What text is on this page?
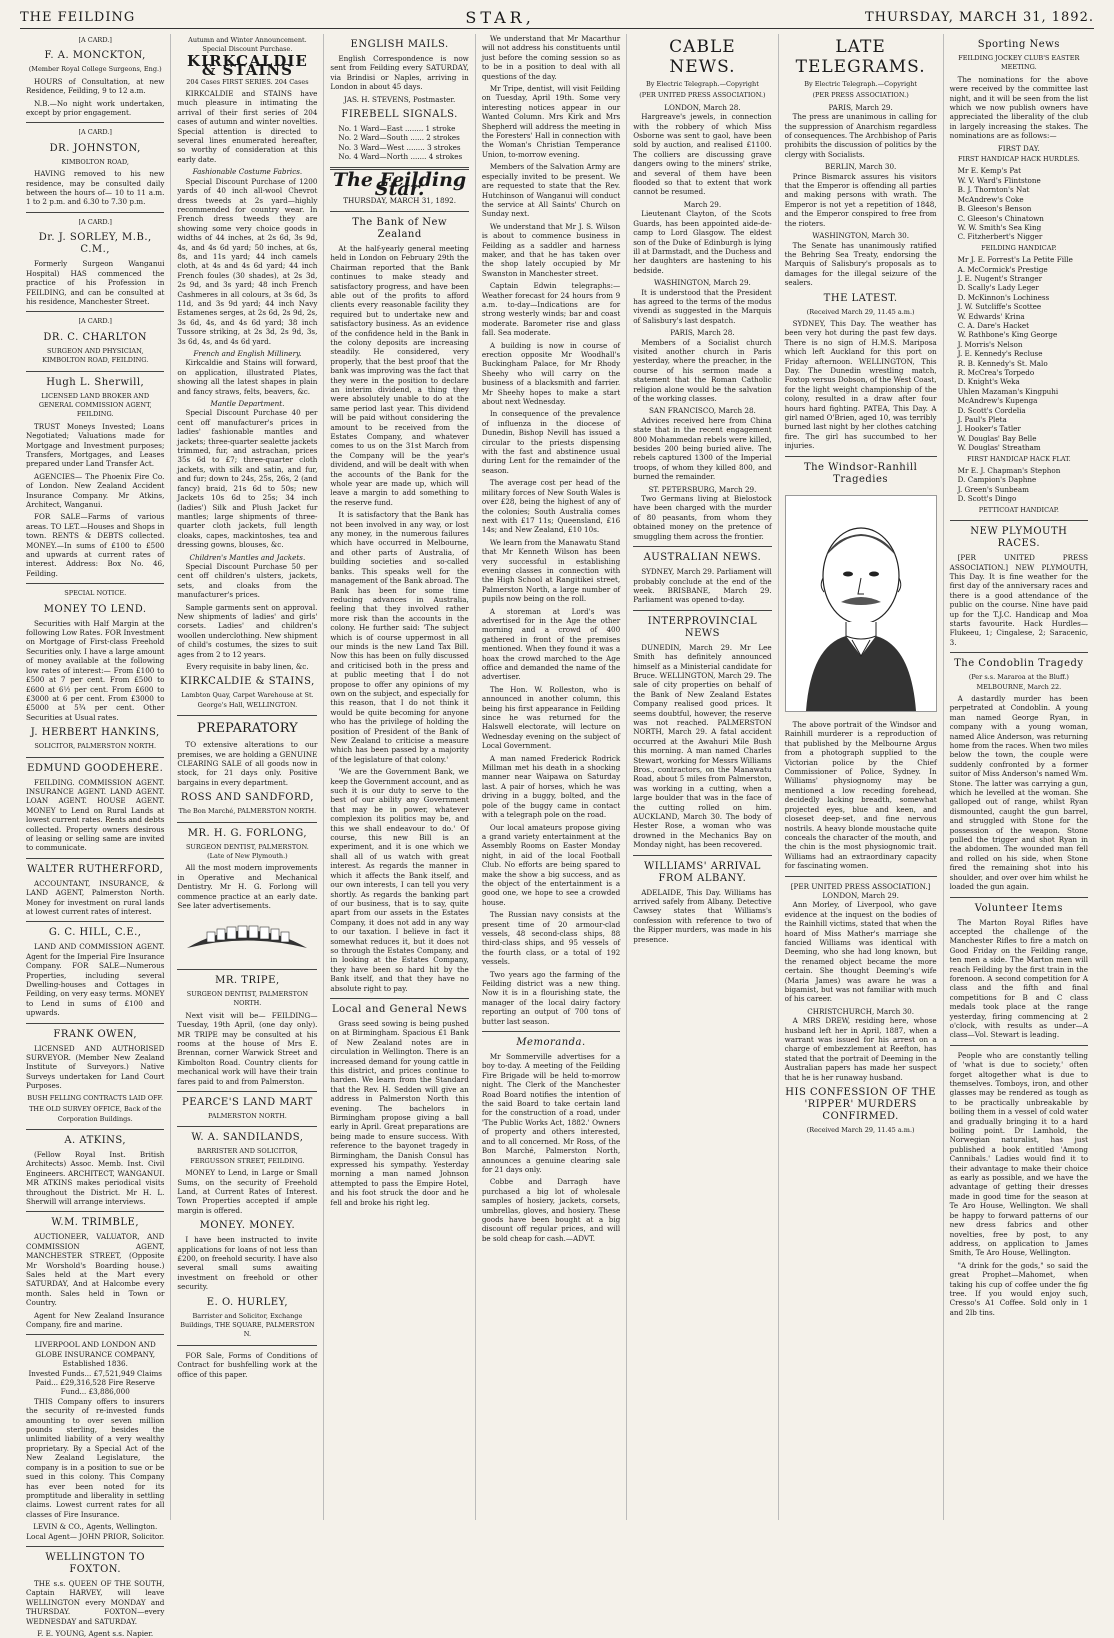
THE FEILDING	STAR,	THURSDAY, MARCH 31, 1892.
[A CARD.]
F. A. MONCKTON,
(Member Royal College Surgeons, Eng.)

HOURS of Consultation, at new Residence, Feilding, 9 to 12 a.m.

N.B.—No night work undertaken, except by prior engagement.

[A CARD.]
DR. JOHNSTON,
KIMBOLTON ROAD,

HAVING removed to his new residence, may be consulted daily between the hours of— 10 to 11 a.m. 1 to 2 p.m. and 6.30 to 7.30 p.m.

[A CARD.]
Dr. J. SORLEY, M.B., C.M.,

Formerly Surgeon Wanganui Hospital) HAS commenced the practice of his Profession in FEILDING, and can be consulted at his residence, Manchester Street.

[A CARD.]
DR. C. CHARLTON
SURGEON AND PHYSICIAN, KIMBOLTON ROAD, FEILDING.
Hugh L. Sherwill,
LICENSED LAND BROKER AND GENERAL COMMISSION AGENT, FEILDING.

TRUST Moneys Invested; Loans Negotiated; Valuations made for Mortgage and Investment purposes; Transfers, Mortgages, and Leases prepared under Land Transfer Act.

AGENCIES— The Phoenix Fire Co. of London. New Zealand Accident Insurance Company. Mr Atkins, Architect, Wanganui.

FOR SALE—Farms of various areas. TO LET.—Houses and Shops in town. RENTS & DEBTS collected. MONEY.—In sums of £100 to £500 and upwards at current rates of interest. Address: Box No. 46, Feilding.

SPECIAL NOTICE.
MONEY TO LEND.

Securities with Half Margin at the following Low Rates. FOR Investment on Mortgage of First-class Freehold Securities only. I have a large amount of money available at the following low rates of interest:— From £100 to £500 at 7 per cent. From £500 to £600 at 6½ per cent. From £600 to £3000 at 6 per cent. From £3000 to £5000 at 5¾ per cent. Other Securities at Usual rates.

J. HERBERT HANKINS,
SOLICITOR, PALMERSTON NORTH.
EDMUND GOODEHERE.

FEILDING. COMMISSION AGENT. INSURANCE AGENT. LAND AGENT. LOAN AGENT. HOUSE AGENT. MONEY to Lend on Rural Lands at lowest current rates. Rents and debts collected. Property owners desirous of leasing or selling same are invited to communicate.

WALTER RUTHERFORD,

ACCOUNTANT, INSURANCE, & LAND AGENT, Palmerston North. Money for investment on rural lands at lowest current rates of interest.

G. C. HILL, C.E.,

LAND AND COMMISSION AGENT. Agent for the Imperial Fire Insurance Company. FOR SALE—Numerous Properties, including several Dwelling-houses and Cottages in Feilding, on very easy terms. MONEY to Lend in sums of £100 and upwards.

FRANK OWEN,

LICENSED AND AUTHORISED SURVEYOR. (Member New Zealand Institute of Surveyors.) Native Surveys undertaken for Land Court Purposes.

BUSH FELLING CONTRACTS LAID OFF.
THE OLD SURVEY OFFICE, Back of the Corporation Buildings.
A. ATKINS,

(Fellow Royal Inst. British Architects) Assoc. Memb. Inst. Civil Engineers. ARCHITECT, WANGANUI. MR ATKINS makes periodical visits throughout the District. Mr H. L. Sherwill will arrange interviews.

W.M. TRIMBLE,

AUCTIONEER, VALUATOR, AND COMMISSION AGENT, MANCHESTER STREET, (Opposite Mr Worshold's Boarding house.) Sales held at the Mart every SATURDAY, And at Halcombe every month. Sales held in Town or Country.

Agent for New Zealand Insurance Company, fire and marine.

LIVERPOOL AND LONDON AND GLOBE INSURANCE COMPANY, Established 1836.
Invested Funds... £7,521,949 Claims Paid... £29,316,528 Fire Reserve Fund... £3,886,000

THIS Company offers to insurers the security of re-invested funds amounting to over seven million pounds sterling, besides the unlimited liability of a very wealthy proprietary. By a Special Act of the New Zealand Legislature, the company is in a position to sue or be sued in this colony. This Company has ever been noted for its promptitude and liberality in settling claims. Lowest current rates for all classes of Fire Insurance.

LEVIN & CO., Agents, Wellington.
Local Agent— JOHN PRIOR, Solicitor.
WELLINGTON TO FOXTON.

THE s.s. QUEEN OF THE SOUTH, Captain HARVEY, will leave WELLINGTON every MONDAY and THURSDAY. FOXTON—every WEDNESDAY and SATURDAY.

F. E. YOUNG, Agent s.s. Napier.
Autumn and Winter Announcement. Special Discount Purchase.
KIRKCALDIE & STAINS
204 Cases FIRST SERIES. 204 Cases

KIRKCALDIE and STAINS have much pleasure in intimating the arrival of their first series of 204 cases of autumn and winter novelties. Special attention is directed to several lines enumerated hereafter, so worthy of consideration at this early date.

Fashionable Costume Fabrics.

Special Discount Purchase of 1200 yards of 40 inch all-wool Chevrot dress tweeds at 2s yard—highly recommended for country wear. In French dress tweeds they are showing some very choice goods in widths of 44 inches, at 2s 6d, 3s 9d, 4s, and 4s 6d yard; 50 inches, at 6s, 8s, and 11s yard; 44 inch camels cloth, at 4s and 4s 6d yard; 44 inch French foules (30 shades), at 2s 3d, 2s 9d, and 3s yard; 48 inch French Cashmeres in all colours, at 3s 6d, 3s 11d, and 3s 9d yard; 44 inch Navy Estamenes serges, at 2s 6d, 2s 9d, 2s, 3s 6d, 4s, and 4s 6d yard; 38 inch Tussore striking, at 2s 3d, 2s 9d, 3s, 3s 6d, 4s, and 4s 6d yard.

French and English Millinery.

Kirkcaldie and Stains will forward, on application, illustrated Plates, showing all the latest shapes in plain and fancy straws, felts, beavers, &c.

Mantle Department.

Special Discount Purchase 40 per cent off manufacturer's prices in ladies' fashionable mantles and jackets; three-quarter sealette jackets trimmed, fur, and astrachan, prices 35s 6d to £7; three-quarter cloth jackets, with silk and satin, and fur, and fur; down to 24s, 25s, 26s, 2 (and fancy) braid, 21s 6d to 50s; new Jackets 10s 6d to 25s; 34 inch (ladies') Silk and Plush Jacket fur mantles; large shipments of three-quarter cloth jackets, full length cloaks, capes, mackintoshes, tea and dressing gowns, blouses, &c.

Children's Mantles and Jackets.

Special Discount Purchase 50 per cent off children's ulsters, jackets, sets, and cloaks from the manufacturer's prices.

Sample garments sent on approval. New shipments of ladies' and girls' corsets. Ladies' and children's woollen underclothing. New shipment of child's costumes, the sizes to suit ages from 2 to 12 years.

Every requisite in baby linen, &c.
KIRKCALDIE & STAINS,
Lambton Quay, Carpet Warehouse at St. George's Hall, WELLINGTON.
PREPARATORY

TO extensive alterations to our premises, we are holding a GENUINE CLEARING SALE of all goods now in stock, for 21 days only. Positive bargains in every department.

ROSS AND SANDFORD,
The Bon Marché, PALMERSTON NORTH.
MR. H. G. FORLONG,
SURGEON DENTIST, PALMERSTON. (Late of New Plymouth.)

All the most modern improvements in Operative and Mechanical Dentistry. Mr H. G. Forlong will commence practice at an early date. See later advertisements.

MR. TRIPE,
SURGEON DENTIST, PALMERSTON NORTH.

Next visit will be— FEILDING—Tuesday, 19th April, (one day only). MR TRIPE may be consulted at his rooms at the house of Mrs E. Brennan, corner Warwick Street and Kimbolton Road. Country clients for mechanical work will have their train fares paid to and from Palmerston.

PEARCE'S LAND MART
PALMERSTON NORTH.
W. A. SANDILANDS,
BARRISTER AND SOLICITOR, FERGUSSON STREET, FEILDING.

MONEY to Lend, in Large or Small Sums, on the security of Freehold Land, at Current Rates of Interest. Town Properties accepted if ample margin is offered.

MONEY. MONEY.

I have been instructed to invite applications for loans of not less than £200, on freehold security. I have also several small sums awaiting investment on freehold or other security.

E. O. HURLEY,
Barrister and Solicitor, Exchange Buildings, THE SQUARE, PALMERSTON N.

FOR Sale, Forms of Conditions of Contract for bushfelling work at the office of this paper.

ENGLISH MAILS.

English Correspondence is now sent from Feilding every SATURDAY, via Brindisi or Naples, arriving in London in about 45 days.

JAS. H. STEVENS, Postmaster.
FIREBELL SIGNALS.
No. 1 Ward—East ........ 1 stroke
No. 2 Ward—South ...... 2 strokes
No. 3 Ward—West ........ 3 strokes
No. 4 Ward—North ....... 4 strokes
The Feilding Star.
THURSDAY, MARCH 31, 1892.
The Bank of New Zealand

At the half-yearly general meeting held in London on February 29th the Chairman reported that the Bank continues to make steady and satisfactory progress, and have been able out of the profits to afford clients every reasonable facility they required but to undertake new and satisfactory business. As an evidence of the confidence held in the Bank in the colony deposits are increasing steadily. He considered, very properly, that the best proof that the bank was improving was the fact that they were in the position to declare an interim dividend, a thing they were absolutely unable to do at the same period last year. This dividend will be paid without considering the amount to be received from the Estates Company, and whatever comes to us on the 31st March from the Company will be the year's dividend, and will be dealt with when the accounts of the Bank for the whole year are made up, which will leave a margin to add something to the reserve fund.

It is satisfactory that the Bank has not been involved in any way, or lost any money, in the numerous failures which have occurred in Melbourne, and other parts of Australia, of building societies and so-called banks. This speaks well for the management of the Bank abroad. The Bank has been for some time reducing advances in Australia, feeling that they involved rather more risk than the accounts in the colony. He further said: 'The subject which is of course uppermost in all our minds is the new Land Tax Bill. Now this has been on fully discussed and criticised both in the press and at public meeting that I do not propose to offer any opinions of my own on the subject, and especially for this reason, that I do not think it would be quite becoming for anyone who has the privilege of holding the position of President of the Bank of New Zealand to criticise a measure which has been passed by a majority of the legislature of that colony.'

'We are the Government Bank, we keep the Government account, and as such it is our duty to serve to the best of our ability any Government that may be in power, whatever complexion its politics may be, and this we shall endeavour to do.' Of course, this new Bill is an experiment, and it is one which we shall all of us watch with great interest. As regards the manner in which it affects the Bank itself, and our own interests, I can tell you very shortly. As regards the banking part of our business, that is to say, quite apart from our assets in the Estates Company, it does not add in any way to our taxation. I believe in fact it somewhat reduces it, but it does not so through the Estates Company, and in looking at the Estates Company, they have been so hard hit by the Bank itself, and that they have no absolute right to pay.

Local and General News

Grass seed sowing is being pushed on at Birmingham. Spacious £1 Bank of New Zealand notes are in circulation in Wellington. There is an increased demand for young cattle in this district, and prices continue to harden. We learn from the Standard that the Rev. H. Sedden will give an address in Palmerston North this evening. The bachelors in Birmingham propose giving a ball early in April. Great preparations are being made to ensure success. With reference to the bayonet tragedy in Birmingham, the Danish Consul has expressed his sympathy. Yesterday morning a man named Johnson attempted to pass the Empire Hotel, and his foot struck the door and he fell and broke his right leg.

We understand that Mr Macarthur will not address his constituents until just before the coming session so as to be in a position to deal with all questions of the day.

Mr Tripe, dentist, will visit Feilding on Tuesday, April 19th. Some very interesting notices appear in our Wanted Column. Mrs Kirk and Mrs Shepherd will address the meeting in the Foresters' Hall in connection with the Woman's Christian Temperance Union, to-morrow evening.

Members of the Salvation Army are especially invited to be present. We are requested to state that the Rev. Hutchinson of Wanganui will conduct the service at All Saints' Church on Sunday next.

We understand that Mr J. S. Wilson is about to commence business in Feilding as a saddler and harness maker, and that he has taken over the shop lately occupied by Mr Swanston in Manchester street.

Captain Edwin telegraphs:—Weather forecast for 24 hours from 9 a.m. to-day—Indications are for strong westerly winds; bar and coast moderate. Barometer rise and glass fall. Sea moderate.

A building is now in course of erection opposite Mr Woodhall's Buckingham Palace, for Mr Rhody Sheehy who will carry on the business of a blacksmith and farrier. Mr Sheehy hopes to make a start about next Wednesday.

In consequence of the prevalence of influenza in the diocese of Dunedin, Bishop Nevill has issued a circular to the priests dispensing with the fast and abstinence usual during Lent for the remainder of the season.

The average cost per head of the military forces of New South Wales is over £28, being the highest of any of the colonies; South Australia comes next with £17 11s; Queensland, £16 14s; and New Zealand, £10 10s.

We learn from the Manawatu Stand that Mr Kenneth Wilson has been very successful in establishing evening classes in connection with the High School at Rangitikei street, Palmerston North, a large number of pupils now being on the roll.

A storeman at Lord's was advertised for in the Age the other morning and a crowd of 400 gathered in front of the premises mentioned. When they found it was a hoax the crowd marched to the Age office and demanded the name of the advertiser.

The Hon. W. Rolleston, who is announced in another column, this being his first appearance in Feilding since he was returned for the Halswell electorate, will lecture on Wednesday evening on the subject of Local Government.

A man named Frederick Rodrick Millman met his death in a shocking manner near Waipawa on Saturday last. A pair of horses, which he was driving in a buggy, bolted, and the pole of the buggy came in contact with a telegraph pole on the road.

Our local amateurs propose giving a grand variety entertainment at the Assembly Rooms on Easter Monday night, in aid of the local Football Club. No efforts are being spared to make the show a big success, and as the object of the entertainment is a good one, we hope to see a crowded house.

The Russian navy consists at the present time of 20 armour-clad vessels, 48 second-class ships, 88 third-class ships, and 95 vessels of the fourth class, or a total of 192 vessels.

Two years ago the farming of the Feilding district was a new thing. Now it is in a flourishing state, the manager of the local dairy factory reporting an output of 700 tons of butter last season.

Memoranda.

Mr Sommerville advertises for a boy to-day. A meeting of the Feilding Fire Brigade will be held to-morrow night. The Clerk of the Manchester Road Board notifies the intention of the said Board to take certain land for the construction of a road, under 'The Public Works Act, 1882.' Owners of property and others interested, and to all concerned. Mr Ross, of the Bon Marché, Palmerston North, announces a genuine clearing sale for 21 days only.

Cobbe and Darragh have purchased a big lot of wholesale samples of hosiery, jackets, corsets, umbrellas, gloves, and hosiery. These goods have been bought at a big discount off regular prices, and will be sold cheap for cash.—ADVT.

CABLE NEWS.
By Electric Telegraph.—Copyright
(PER UNITED PRESS ASSOCIATION.)
LONDON, March 28.

Hargreave's jewels, in connection with the robbery of which Miss Osborne was sent to gaol, have been sold by auction, and realised £1100. The colliers are discussing grave dangers owing to the miners' strike, and several of them have been flooded so that to extent that work cannot be resumed.

March 29.

Lieutenant Clayton, of the Scots Guards, has been appointed aide-de-camp to Lord Glasgow. The eldest son of the Duke of Edinburgh is lying ill at Darmstadt, and the Duchess and her daughters are hastening to his bedside.

WASHINGTON, March 29.

It is understood that the President has agreed to the terms of the modus vivendi as suggested in the Marquis of Salisbury's last despatch.

PARIS, March 28.

Members of a Socialist church visited another church in Paris yesterday, where the preacher, in the course of his sermon made a statement that the Roman Catholic religion alone would be the salvation of the working classes.

SAN FRANCISCO, March 28.

Advices received here from China state that in the recent engagement 800 Mohammedan rebels were killed, besides 200 being buried alive. The rebels captured 1300 of the Imperial troops, of whom they killed 800, and burned the remainder.

ST. PETERSBURG, March 29.

Two Germans living at Bielostock have been charged with the murder of 80 peasants, from whom they obtained money on the pretence of smuggling them across the frontier.

AUSTRALIAN NEWS.

SYDNEY, March 29. Parliament will probably conclude at the end of the week. BRISBANE, March 29. Parliament was opened to-day.

INTERPROVINCIAL NEWS

DUNEDIN, March 29. Mr Lee Smith has definitely announced himself as a Ministerial candidate for Bruce. WELLINGTON, March 29. The sale of city properties on behalf of the Bank of New Zealand Estates Company realised good prices. It seems doubtful, however, the reserve was not reached. PALMERSTON NORTH, March 29. A fatal accident occurred at the Awahuri Mile Bush this morning. A man named Charles Stewart, working for Messrs Williams Bros., contractors, on the Manawatu Road, about 5 miles from Palmerston, was working in a cutting, when a large boulder that was in the face of the cutting rolled on him. AUCKLAND, March 30. The body of Hester Rose, a woman who was drowned in the Mechanics Bay on Monday night, has been recovered.

WILLIAMS' ARRIVAL FROM ALBANY.

ADELAIDE, This Day. Williams has arrived safely from Albany. Detective Cawsey states that Williams's confession with reference to two of the Ripper murders, was made in his presence.

LATE TELEGRAMS.
By Electric Telegraph.—Copyright
(PER PRESS ASSOCIATION.)
PARIS, March 29.

The press are unanimous in calling for the suppression of Anarchism regardless of consequences. The Archbishop of Paris prohibits the discussion of politics by the clergy with Socialists.

BERLIN, March 30.

Prince Bismarck assures his visitors that the Emperor is offending all parties and making persons with wrath. The Emperor is not yet a repetition of 1848, and the Emperor conspired to free from the rioters.

WASHINGTON, March 30.

The Senate has unanimously ratified the Behring Sea Treaty, endorsing the Marquis of Salisbury's proposals as to damages for the illegal seizure of the sealers.

THE LATEST.
(Received March 29, 11.45 a.m.)

SYDNEY, This Day. The weather has been very hot during the past few days. There is no sign of H.M.S. Mariposa which left Auckland for this port on Friday afternoon. WELLINGTON, This Day. The Dunedin wrestling match, Foxtop versus Dobson, of the West Coast, for the light weight championship of the colony, resulted in a draw after four hours hard fighting. PATEA, This Day. A girl named O'Brien, aged 10, was terribly burned last night by her clothes catching fire. The girl has succumbed to her injuries.

The Windsor-Ranhill Tragedies

The above portrait of the Windsor and Rainhill murderer is a reproduction of that published by the Melbourne Argus from a photograph supplied to the Victorian police by the Chief Commissioner of Police, Sydney. In Williams' physiognomy may be mentioned a low receding forehead, decidedly lacking breadth, somewhat projected eyes, blue and keen, and closeset deep-set, and fine nervous nostrils. A heavy blonde moustache quite conceals the character of the mouth, and the chin is the most physiognomic trait. Williams had an extraordinary capacity for fascinating women.

[PER UNITED PRESS ASSOCIATION.] LONDON, March 29.

Ann Morley, of Liverpool, who gave evidence at the inquest on the bodies of the Rainhill victims, stated that when the hoard of Miss Mather's marriage she fancied Williams was identical with Deeming, who she had long known, but the renamed object became the more certain. She thought Deeming's wife (Maria James) was aware he was a bigamist, but was not familiar with much of his career.

CHRISTCHURCH, March 30.

A MRS DREW, residing here, whose husband left her in April, 1887, when a warrant was issued for his arrest on a charge of embezzlement at Reefton, has stated that the portrait of Deeming in the Australian papers has made her suspect that he is her runaway husband.

HIS CONFESSION OF THE 'RIPPER' MURDERS CONFIRMED.
(Received March 29, 11.45 a.m.)
Sporting News
FEILDING JOCKEY CLUB'S EASTER MEETING.

The nominations for the above were received by the committee last night, and it will be seen from the list which we now publish owners have appreciated the liberality of the club in largely increasing the stakes. The nominations are as follows:—

FIRST DAY.
FIRST HANDICAP HACK HURDLES.
Mr E. Kemp's Pat
W. V. Ward's Flintstone
B. J. Thornton's Nat
McAndrew's Coke
B. Gleeson's Benson
C. Gleeson's Chinatown
W. W. Smith's Sea King
C. Fitzherbert's Nigger
FEILDING HANDICAP.
Mr J. E. Forrest's La Petite Fille
A. McCormick's Prestige
J. E. Nugent's Stranger
D. Scally's Lady Leger
D. McKinnon's Lochiness
J. W. Sutcliffe's Scottee
W. Edwards' Krina
C. A. Dare's Hacket
W. Rathbone's King George
J. Morris's Nelson
J. E. Kennedy's Recluse
R. B. Kennedy's St. Malo
R. McCrea's Torpedo
D. Knight's Weka
Uhlen Mazaman's Kingpuhi
McAndrew's Kupenga
D. Scott's Cordelia
J. Paul's Pleta
J. Hooker's Tatler
W. Douglas' Bay Belle
W. Douglas' Streatham
FIRST HANDICAP HACK FLAT.
Mr E. J. Chapman's Stephon
D. Campion's Daphne
J. Green's Sunbeam
D. Scott's Dingo
PETTICOAT HANDICAP.
NEW PLYMOUTH RACES.

[PER UNITED PRESS ASSOCIATION.] NEW PLYMOUTH, This Day. It is fine weather for the first day of the anniversary races and there is a good attendance of the public on the course. Nine have paid up for the T.J.C. Handicap and Moa starts favourite. Hack Hurdles—Flukeeu, 1; Cingalese, 2; Saracenic, 3.

The Condoblin Tragedy
(Per s.s. Mararoa at the Bluff.) MELBOURNE, March 22.

A dastardly murder has been perpetrated at Condoblin. A young man named George Ryan, in company with a young woman, named Alice Anderson, was returning home from the races. When two miles below the town, the couple were suddenly confronted by a former suitor of Miss Anderson's named Wm. Stone. The latter was carrying a gun, which he levelled at the woman. She galloped out of range, whilst Ryan dismounted, caught the gun barrel, and struggled with Stone for the possession of the weapon. Stone pulled the trigger and shot Ryan in the abdomen. The wounded man fell and rolled on his side, when Stone fired the remaining shot into his shoulder, and over over him whilst he loaded the gun again.

Volunteer Items

The Marton Royal Rifles have accepted the challenge of the Manchester Rifles to fire a match on Good Friday on the Feilding range, ten men a side. The Marton men will reach Feilding by the first train in the forenoon. A second competition for A class and the fifth and final competitions for B and C class medals took place at the range yesterday, firing commencing at 2 o'clock, with results as under—A class—Vol. Stewart is leading.

People who are constantly telling of 'what is due to society,' often forget altogether what is due to themselves. Tomboys, iron, and other glasses may be rendered as tough as to be practically unbreakable by boiling them in a vessel of cold water and gradually bringing it to a hard boiling point. Dr Lamhold, the Norwegian naturalist, has just published a book entitled 'Among Cannibals.' Ladies would find it to their advantage to make their choice as early as possible, and we have the advantage of getting their dresses made in good time for the season at Te Aro House, Wellington. We shall be happy to forward patterns of our new dress fabrics and other novelties, free by post, to any address, on application to James Smith, Te Aro House, Wellington.

"A drink for the gods," so said the great Prophet—Mahomet, when taking his cup of coffee under the fig tree. If you would enjoy such, Cresso's A1 Coffee. Sold only in 1 and 2lb tins.
